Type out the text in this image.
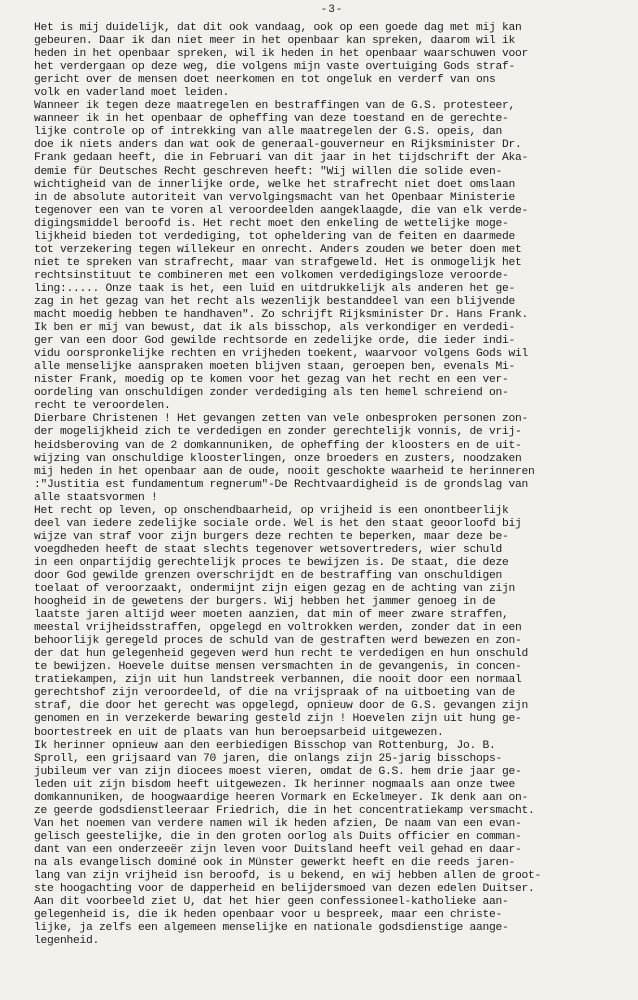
-3-
Het is mij duidelijk, dat dit ook vandaag, ook op een goede dag met mij kan
gebeuren. Daar ik dan niet meer in het openbaar kan spreken, daarom wil ik
heden in het openbaar spreken, wil ik heden in het openbaar waarschuwen voor
het verdergaan op deze weg, die volgens mijn vaste overtuiging Gods straf-
gericht over de mensen doet neerkomen en tot ongeluk en verderf van ons
volk en vaderland moet leiden.
Wanneer ik tegen deze maatregelen en bestraffingen van de G.S. protesteer,
wanneer ik in het openbaar de opheffing van deze toestand en de gerechte-
lijke controle op of intrekking van alle maatregelen der G.S. opeis, dan
doe ik niets anders dan wat ook de generaal-gouverneur en Rijksminister Dr.
Frank gedaan heeft, die in Februari van dit jaar in het tijdschrift der Aka-
demie für Deutsches Recht geschreven heeft: "Wij willen die solide even-
wichtigheid van de innerlijke orde, welke het strafrecht niet doet omslaan
in de absolute autoriteit van vervolgingsmacht van het Openbaar Ministerie
tegenover een van te voren al veroordeelden aangeklaagde, die van elk verde-
digingsmiddel beroofd is. Het recht moet den enkeling de wettelijke moge-
lijkheid bieden tot verdediging, tot opheldering van de feiten en daarmede
tot verzekering tegen willekeur en onrecht. Anders zouden we beter doen met
niet te spreken van strafrecht, maar van strafgeweld. Het is onmogelijk het
rechtsinstituut te combineren met een volkomen verdedigingsloze veroorde-
ling:..... Onze taak is het, een luid en uitdrukkelijk als anderen het ge-
zag in het gezag van het recht als wezenlijk bestanddeel van een blijvende
macht moedig hebben te handhaven". Zo schrijft Rijksminister Dr. Hans Frank.
Ik ben er mij van bewust, dat ik als bisschop, als verkondiger en verdedi-
ger van een door God gewilde rechtsorde en zedelijke orde, die ieder indi-
vidu oorspronkelijke rechten en vrijheden toekent, waarvoor volgens Gods wil
alle menselijke aanspraken moeten blijven staan, geroepen ben, evenals Mi-
nister Frank, moedig op te komen voor het gezag van het recht en een ver-
oordeling van onschuldigen zonder verdediging als ten hemel schreiend on-
recht te veroordelen.
Dierbare Christenen ! Het gevangen zetten van vele onbesproken personen zon-
der mogelijkheid zich te verdedigen en zonder gerechtelijk vonnis, de vrij-
heidsberoving van de 2 domkannuniken, de opheffing der kloosters en de uit-
wijzing van onschuldige kloosterlingen, onze broeders en zusters, noodzaken
mij heden in het openbaar aan de oude, nooit geschokte waarheid te herinneren
:"Justitia est fundamentum regnerum"-De Rechtvaardigheid is de grondslag van
alle staatsvormen !
Het recht op leven, op onschendbaarheid, op vrijheid is een onontbeerlijk
deel van iedere zedelijke sociale orde. Wel is het den staat geoorloofd bij
wijze van straf voor zijn burgers deze rechten te beperken, maar deze be-
voegdheden heeft de staat slechts tegenover wetsovertreders, wier schuld
in een onpartijdig gerechtelijk proces te bewijzen is. De staat, die deze
door God gewilde grenzen overschrijdt en de bestraffing van onschuldigen
toelaat of veroorzaakt, ondermijnt zijn eigen gezag en de achting van zijn
hoogheid in de gewetens der burgers. Wij hebben het jammer genoeg in de
laatste jaren altijd weer moeten aanzien, dat min of meer zware straffen,
meestal vrijheidsstraffen, opgelegd en voltrokken werden, zonder dat in een
behoorlijk geregeld proces de schuld van de gestraften werd bewezen en zon-
der dat hun gelegenheid gegeven werd hun recht te verdedigen en hun onschuld
te bewijzen. Hoevele duitse mensen versmachten in de gevangenis, in concen-
tratiekampen, zijn uit hun landstreek verbannen, die nooit door een normaal
gerechtshof zijn veroordeeld, of die na vrijspraak of na uitboeting van de
straf, die door het gerecht was opgelegd, opnieuw door de G.S. gevangen zijn
genomen en in verzekerde bewaring gesteld zijn ! Hoevelen zijn uit hung ge-
boortestreek en uit de plaats van hun beroepsarbeid uitgewezen.
Ik herinner opnieuw aan den eerbiedigen Bisschop van Rottenburg, Jo. B.
Sproll, een grijsaard van 70 jaren, die onlangs zijn 25-jarig bisschops-
jubileum ver van zijn diocees moest vieren, omdat de G.S. hem drie jaar ge-
leden uit zijn bisdom heeft uitgewezen. Ik herinner nogmaals aan onze twee
domkannuniken, de hoogwaardige heeren Vormark en Eckelmeyer. Ik denk aan on-
ze geerde godsdienstleeraar Friedrich, die in het concentratiekamp versmacht.
Van het noemen van verdere namen wil ik heden afzien, De naam van een evan-
gelisch geestelijke, die in den groten oorlog als Duits officier en comman-
dant van een onderzeeër zijn leven voor Duitsland heeft veil gehad en daar-
na als evangelisch dominé ook in Münster gewerkt heeft en die reeds jaren-
lang van zijn vrijheid isn beroofd, is u bekend, en wij hebben allen de groot-
ste hoogachting voor de dapperheid en belijdersmoed van dezen edelen Duitser.
Aan dit voorbeeld ziet U, dat het hier geen confessioneel-katholieke aan-
gelegenheid is, die ik heden openbaar voor u bespreek, maar een christe-
lijke, ja zelfs een algemeen menselijke en nationale godsdienstige aange-
legenheid.
